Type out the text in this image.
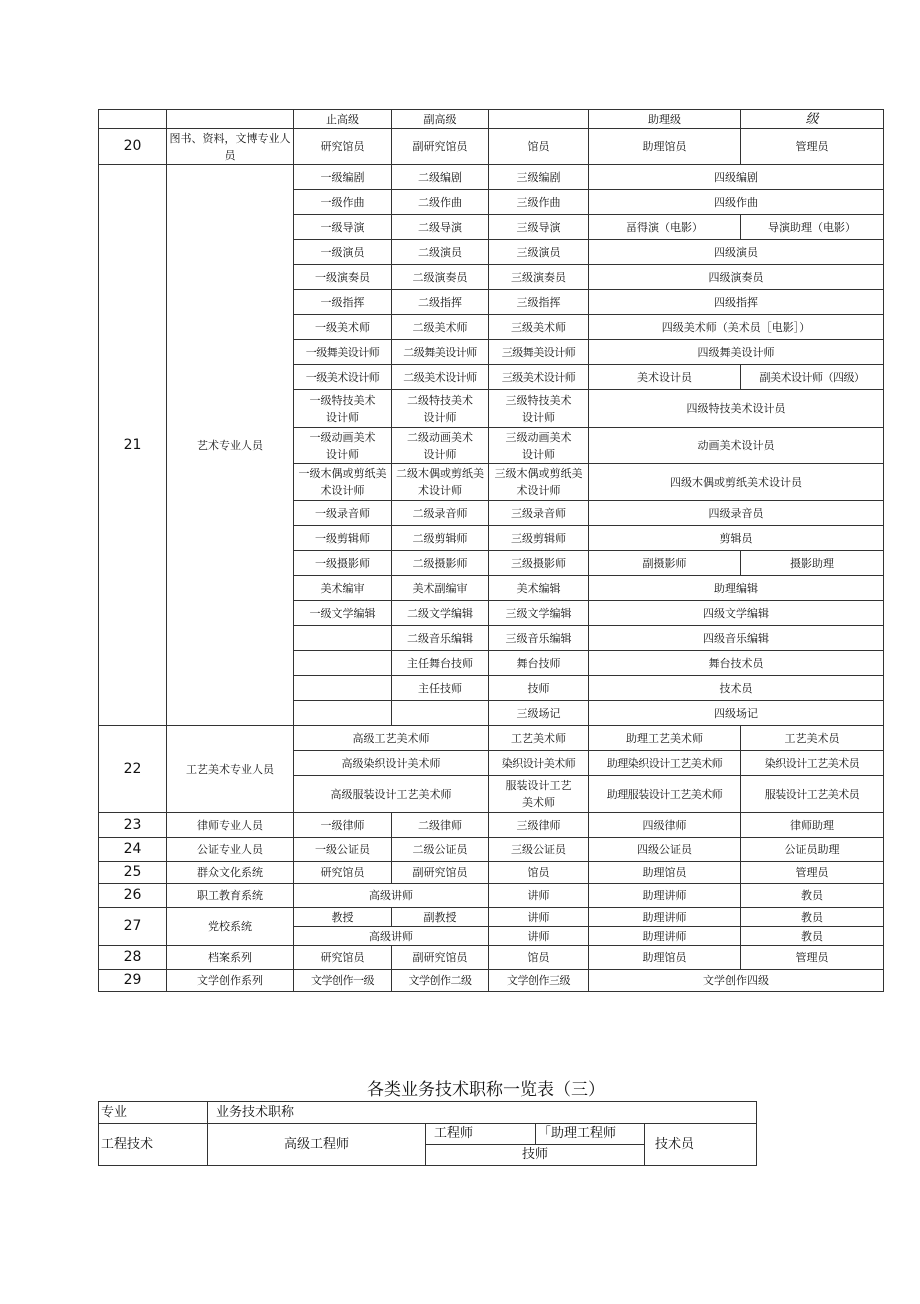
		止高级	副高级		助理级	级
20	图书、资料，文博专业人员	研究馆员	副研究馆员	馆员	助理馆员	管理员
21	艺术专业人员	一级编剧	二级编剧	三级编剧	四级编剧	
		一级作曲	二级作曲	三级作曲	四级作曲	
		一级导演	二级导演	三级导演	畐得演（电影）	导演助理（电影）
		一级演员	二级演员	三级演员	四级演员	
		一级演奏员	二级演奏员	三级演奏员	四级演奏员	
		一级指挥	二级指挥	三级指挥	四级指挥	
		一级美术师	二级美术师	三级美术师	四级美术师（美术员［电影］）	
		一级舞美设计师	二级舞美设计师	三级舞美设计师	四级舞美设计师	
		一级美术设计师	二级美术设计师	三级美术设计师	美术设计员	副美术设计师（四级）
		一级特技美术设计师	二级特技美术设计师	三级特技美术设计师	四级特技美术设计员	
		一级动画美术设计师	二级动画美术设计师	三级动画美术设计师	动画美术设计员	
		一级木偶或剪纸美术设计师	二级木偶或剪纸美术设计师	三级木偶或剪纸美术设计师	四级木偶或剪纸美术设计员	
		一级录音师	二级录音师	三级录音师	四级录音员	
		一级剪辑师	二级剪辑师	三级剪辑师	剪辑员	
		一级摄影师	二级摄影师	三级摄影师	副摄影师	摄影助理
		美术编审	美术副编审	美术编辑	助理编辑	
		一级文学编辑	二级文学编辑	三级文学编辑	四级文学编辑	
			二级音乐编辑	三级音乐编辑	四级音乐编辑	
			主任舞台技师	舞台技师	舞台技术员	
			主任技师	技师	技术员	
				三级场记	四级场记	
22	工艺美术专业人员	高级工艺美术师		工艺美术师	助理工艺美术师	工艺美术员
		高级染织设计美术师		染织设计美术师	助理染织设计工艺美术师	染织设计工艺美术员
		高级服装设计工艺美术师		服装设计工艺美术师	助理服装设计工艺美术师	服装设计工艺美术员
23	律师专业人员	一级律师	二级律师	三级律师	四级律师	律师助理
24	公证专业人员	一级公证员	二级公证员	三级公证员	四级公证员	公证员助理
25	群众文化系统	研究馆员	副研究馆员	馆员	助理馆员	管理员
26	职工教育系统	高级讲师		讲师	助理讲师	教员
27	党校系统	教授	副教授	讲师	助理讲师	教员
		高级讲师		讲师	助理讲师	教员
28	档案系列	研究馆员	副研究馆员	馆员	助理馆员	管理员
29	文学创作系列	文学创作一级	文学创作二级	文学创作三级	文学创作四级	
各类业务技术职称一览表（三）
专业	业务技术职称			
工程技术	高级工程师	工程师	「助理工程师	技术员
		技师		
